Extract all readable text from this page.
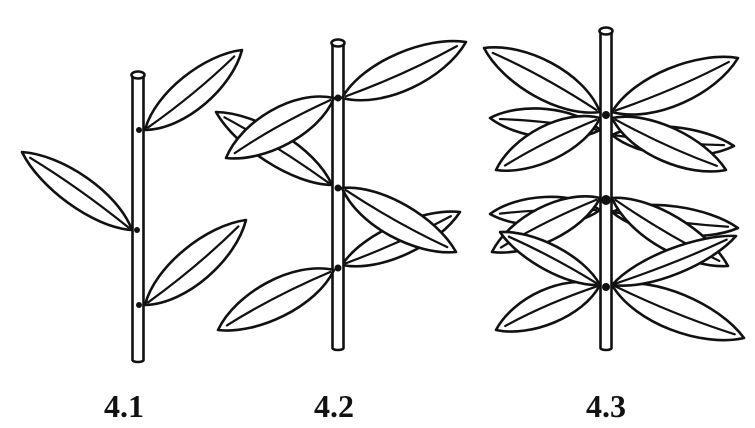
4.1	4.2	4.3
